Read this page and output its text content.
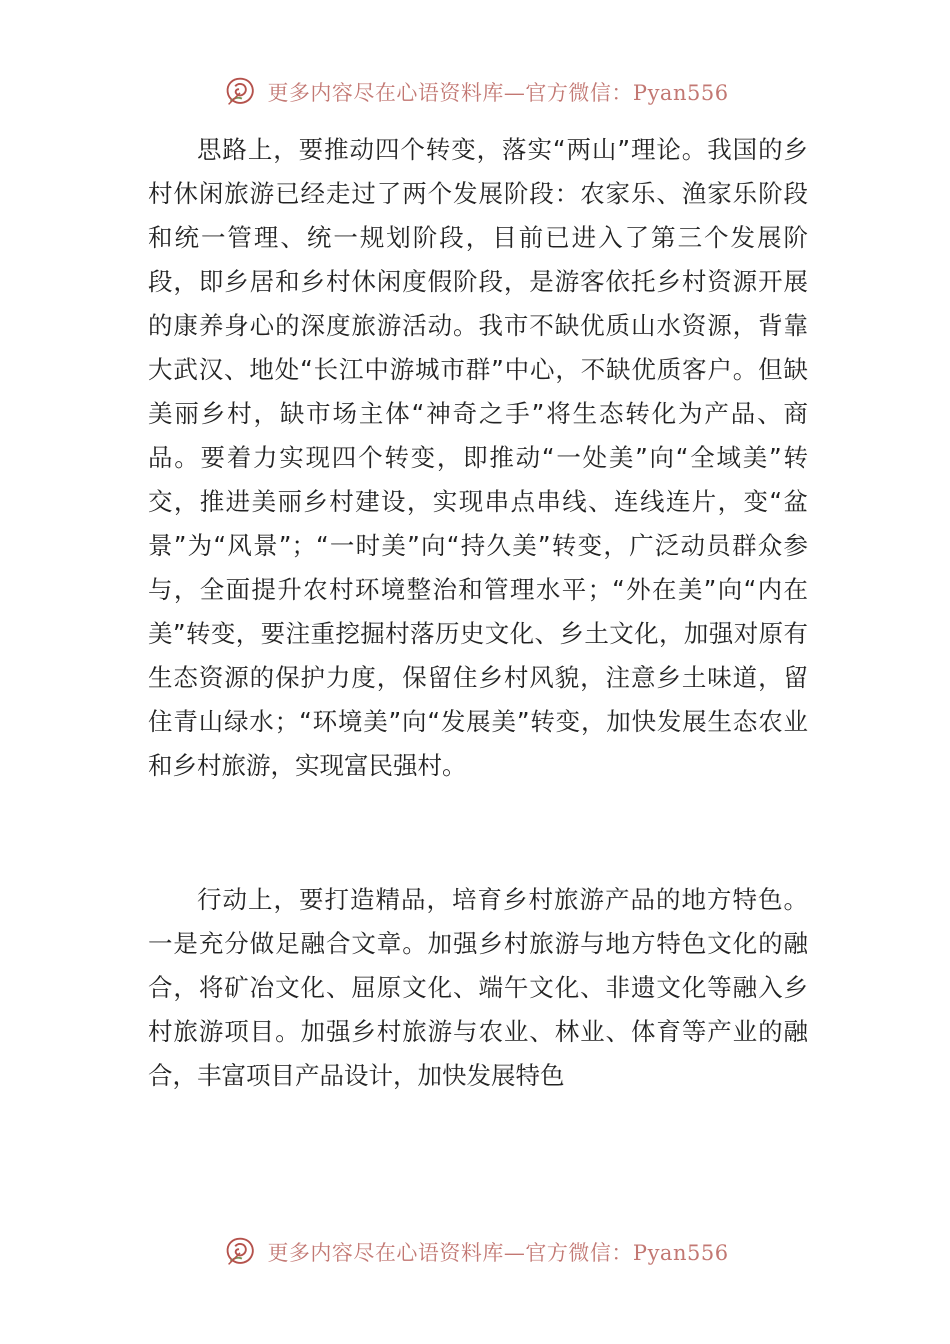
更多内容尽在心语资料库—官方微信：Pyan556

思路上，要推动四个转变，落实“两山”理论。我国的乡村休闲旅游已经走过了两个发展阶段：农家乐、渔家乐阶段和统一管理、统一规划阶段，目前已进入了第三个发展阶段，即乡居和乡村休闲度假阶段，是游客依托乡村资源开展的康养身心的深度旅游活动。我市不缺优质山水资源，背靠大武汉、地处“长江中游城市群”中心，不缺优质客户。但缺美丽乡村，缺市场主体“神奇之手”将生态转化为产品、商品。要着力实现四个转变，即推动“一处美”向“全域美”转交，推进美丽乡村建设，实现串点串线、连线连片，变“盆景”为“风景”；“一时美”向“持久美”转变，广泛动员群众参与，全面提升农村环境整治和管理水平；“外在美”向“内在美”转变，要注重挖掘村落历史文化、乡土文化，加强对原有生态资源的保护力度，保留住乡村风貌，注意乡土味道，留住青山绿水；“环境美”向“发展美”转变，加快发展生态农业和乡村旅游，实现富民强村。

行动上，要打造精品，培育乡村旅游产品的地方特色。一是充分做足融合文章。加强乡村旅游与地方特色文化的融合，将矿冶文化、屈原文化、端午文化、非遗文化等融入乡村旅游项目。加强乡村旅游与农业、林业、体育等产业的融合，丰富项目产品设计，加快发展特色

更多内容尽在心语资料库—官方微信：Pyan556
